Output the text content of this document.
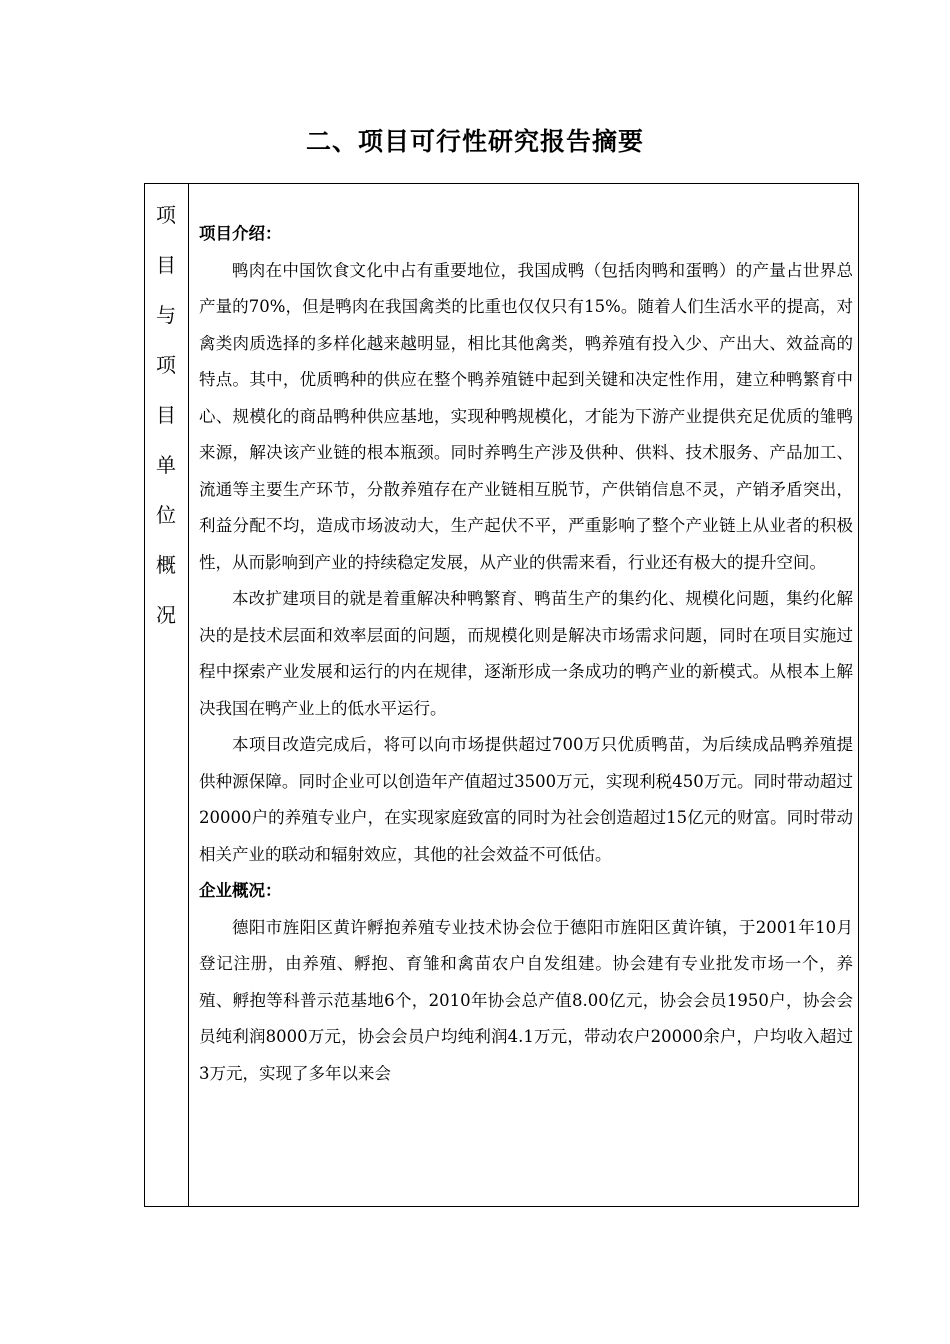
二、项目可行性研究报告摘要
项
目
与
项
目
单
位
概
况

项目介绍：

鸭肉在中国饮食文化中占有重要地位，我国成鸭（包括肉鸭和蛋鸭）的产量占世界总产量的70%，但是鸭肉在我国禽类的比重也仅仅只有15%。随着人们生活水平的提高，对禽类肉质选择的多样化越来越明显，相比其他禽类，鸭养殖有投入少、产出大、效益高的特点。其中，优质鸭种的供应在整个鸭养殖链中起到关键和决定性作用，建立种鸭繁育中心、规模化的商品鸭种供应基地，实现种鸭规模化，才能为下游产业提供充足优质的雏鸭来源，解决该产业链的根本瓶颈。同时养鸭生产涉及供种、供料、技术服务、产品加工、流通等主要生产环节，分散养殖存在产业链相互脱节，产供销信息不灵，产销矛盾突出，利益分配不均，造成市场波动大，生产起伏不平，严重影响了整个产业链上从业者的积极性，从而影响到产业的持续稳定发展，从产业的供需来看，行业还有极大的提升空间。

本改扩建项目的就是着重解决种鸭繁育、鸭苗生产的集约化、规模化问题，集约化解决的是技术层面和效率层面的问题，而规模化则是解决市场需求问题，同时在项目实施过程中探索产业发展和运行的内在规律，逐渐形成一条成功的鸭产业的新模式。从根本上解决我国在鸭产业上的低水平运行。

本项目改造完成后，将可以向市场提供超过700万只优质鸭苗，为后续成品鸭养殖提供种源保障。同时企业可以创造年产值超过3500万元，实现利税450万元。同时带动超过20000户的养殖专业户，在实现家庭致富的同时为社会创造超过15亿元的财富。同时带动相关产业的联动和辐射效应，其他的社会效益不可低估。

企业概况：

德阳市旌阳区黄许孵抱养殖专业技术协会位于德阳市旌阳区黄许镇，于2001年10月登记注册，由养殖、孵抱、育雏和禽苗农户自发组建。协会建有专业批发市场一个，养殖、孵抱等科普示范基地6个，2010年协会总产值8.00亿元，协会会员1950户，协会会员纯利润8000万元，协会会员户均纯利润4.1万元，带动农户20000余户，户均收入超过3万元，实现了多年以来会
